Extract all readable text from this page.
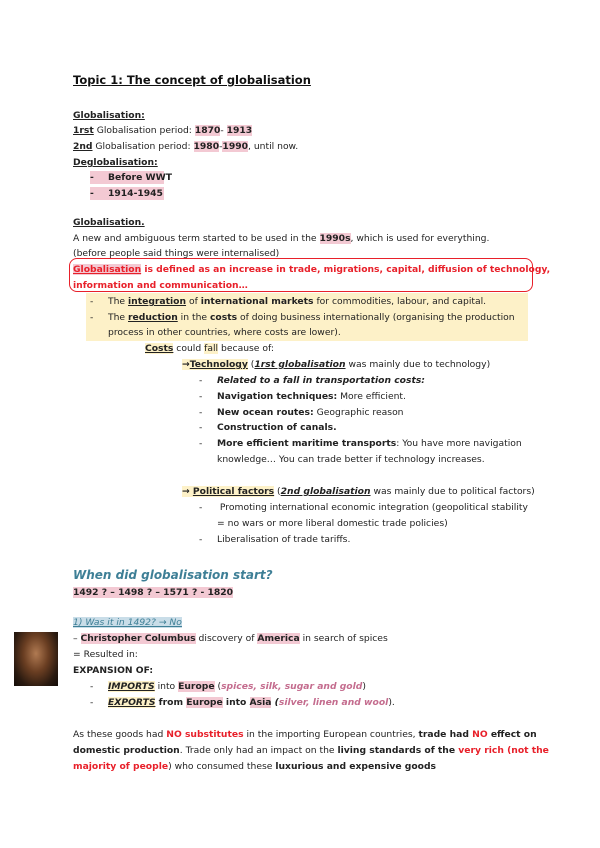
Topic 1: The concept of globalisation
Globalisation:
1rst Globalisation period: 1870- 1913
2nd Globalisation period: 1980-1990, until now.
Deglobalisation:
- Before WWT
- 1914-1945
Globalisation.
A new and ambiguous term started to be used in the 1990s, which is used for everything.
(before people said things were internalised)
Globalisation is defined as an increase in trade, migrations, capital, diffusion of technology,
information and communication…
- The integration of international markets for commodities, labour, and capital.
- The reduction in the costs of doing business internationally (organising the production
process in other countries, where costs are lower).
Costs could fall because of:
→Technology (1rst globalisation was mainly due to technology)
- Related to a fall in transportation costs:
- Navigation techniques: More efficient.
- New ocean routes: Geographic reason
- Construction of canals.
- More efficient maritime transports: You have more navigation
knowledge… You can trade better if technology increases.
→ Political factors (2nd globalisation was mainly due to political factors)
- Promoting international economic integration (geopolitical stability
= no wars or more liberal domestic trade policies)
- Liberalisation of trade tariffs.
When did globalisation start?
1492 ? – 1498 ? – 1571 ? - 1820
1) Was it in 1492? → No
– Christopher Columbus discovery of America in search of spices
= Resulted in:
EXPANSION OF:
- IMPORTS into Europe (spices, silk, sugar and gold)
- EXPORTS from Europe into Asia (silver, linen and wool).
As these goods had NO substitutes in the importing European countries, trade had NO effect on
domestic production. Trade only had an impact on the living standards of the very rich (not the
majority of people) who consumed these luxurious and expensive goods
